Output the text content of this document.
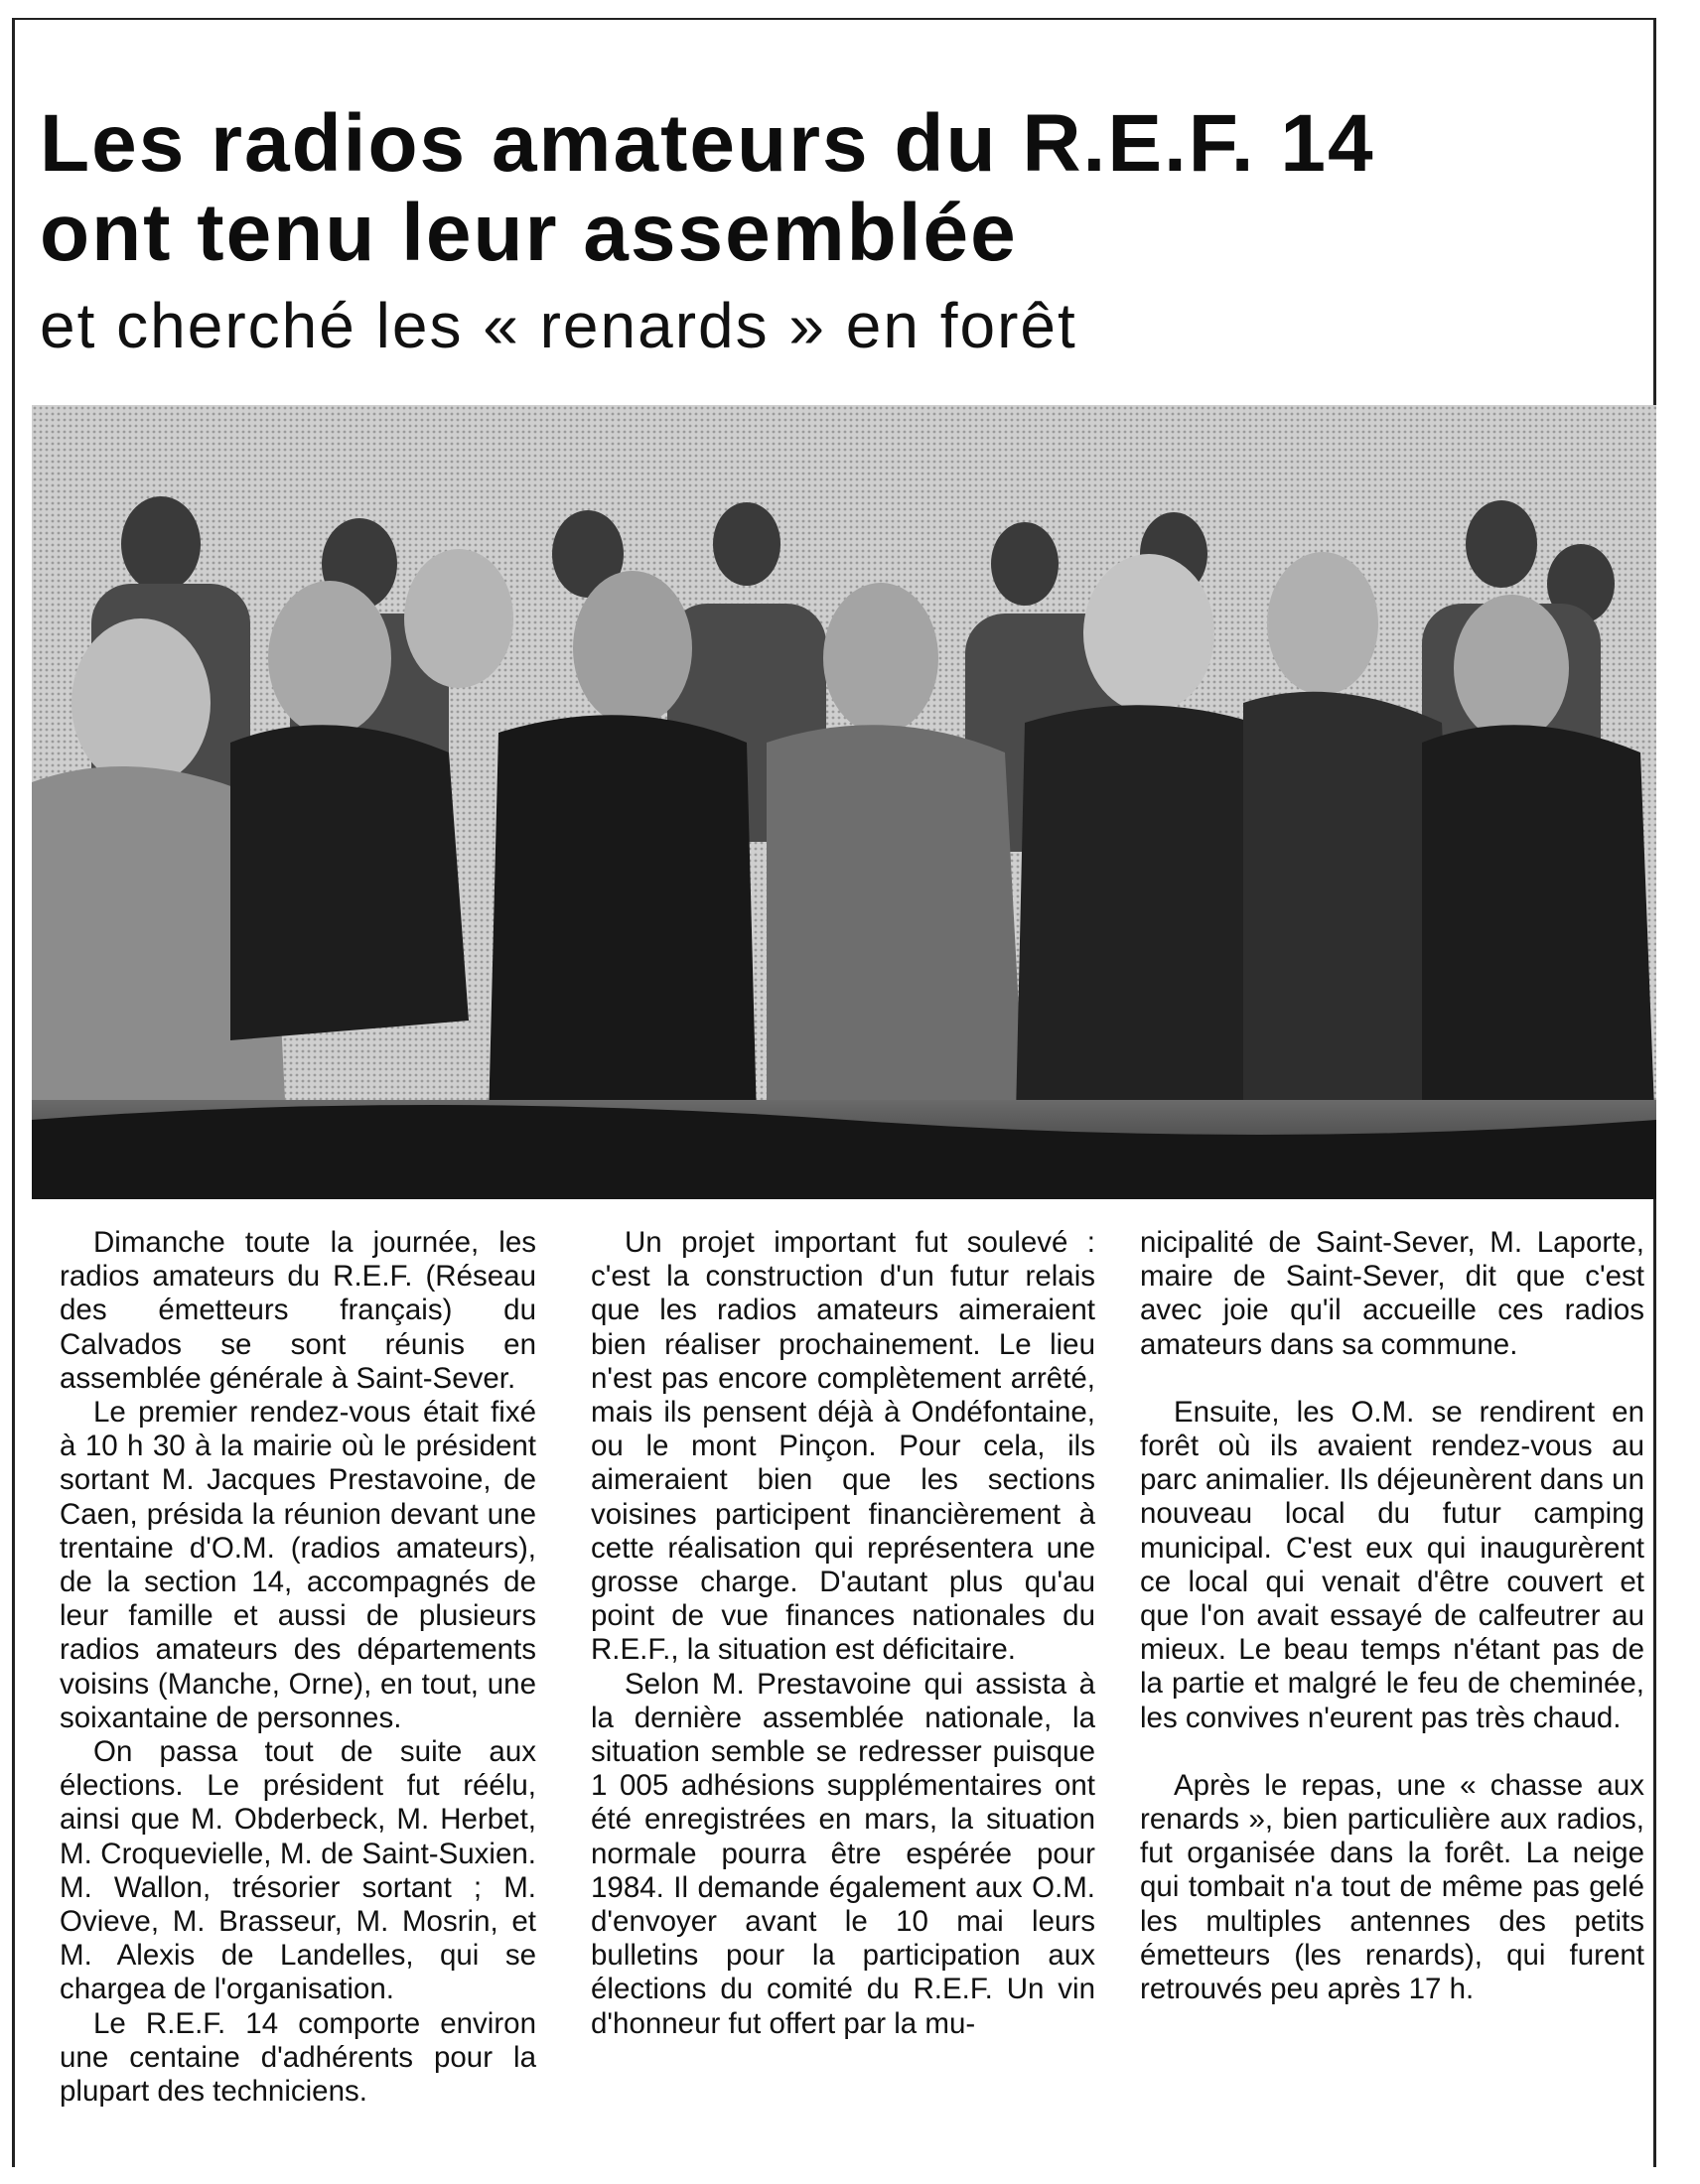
Les radios amateurs du R.E.F. 14
ont tenu leur assemblée
et cherché les « renards » en forêt

Dimanche toute la journée, les radios amateurs du R.E.F. (Réseau des émetteurs français) du Calvados se sont réunis en assemblée générale à Saint-Sever.

Le premier rendez-vous était fixé à 10 h 30 à la mairie où le président sortant M. Jacques Prestavoine, de Caen, présida la réunion devant une trentaine d'O.M. (radios amateurs), de la section 14, accompagnés de leur famille et aussi de plusieurs radios amateurs des départements voisins (Manche, Orne), en tout, une soixantaine de personnes.

On passa tout de suite aux élections. Le président fut réélu, ainsi que M. Obderbeck, M. Herbet, M. Croquevielle, M. de Saint-Suxien. M. Wallon, trésorier sortant ; M. Ovieve, M. Brasseur, M. Mosrin, et M. Alexis de Landelles, qui se chargea de l'organisation.

Le R.E.F. 14 comporte environ une centaine d'adhérents pour la plupart des techniciens.

Un projet important fut soulevé : c'est la construction d'un futur relais que les radios amateurs aimeraient bien réaliser prochainement. Le lieu n'est pas encore complètement arrêté, mais ils pensent déjà à Ondéfontaine, ou le mont Pinçon. Pour cela, ils aimeraient bien que les sections voisines participent financièrement à cette réalisation qui représentera une grosse charge. D'autant plus qu'au point de vue finances nationales du R.E.F., la situation est déficitaire.

Selon M. Prestavoine qui assista à la dernière assemblée nationale, la situation semble se redresser puisque 1 005 adhésions supplémentaires ont été enregistrées en mars, la situation normale pourra être espérée pour 1984. Il demande également aux O.M. d'envoyer avant le 10 mai leurs bulletins pour la participation aux élections du comité du R.E.F. Un vin d'honneur fut offert par la mu-

nicipalité de Saint-Sever, M. Laporte, maire de Saint-Sever, dit que c'est avec joie qu'il accueille ces radios amateurs dans sa commune.

Ensuite, les O.M. se rendirent en forêt où ils avaient rendez-vous au parc animalier. Ils déjeunèrent dans un nouveau local du futur camping municipal. C'est eux qui inaugurèrent ce local qui venait d'être couvert et que l'on avait essayé de calfeutrer au mieux. Le beau temps n'étant pas de la partie et malgré le feu de cheminée, les convives n'eurent pas très chaud.

Après le repas, une « chasse aux renards », bien particulière aux radios, fut organisée dans la forêt. La neige qui tombait n'a tout de même pas gelé les multiples antennes des petits émetteurs (les renards), qui furent retrouvés peu après 17 h.
